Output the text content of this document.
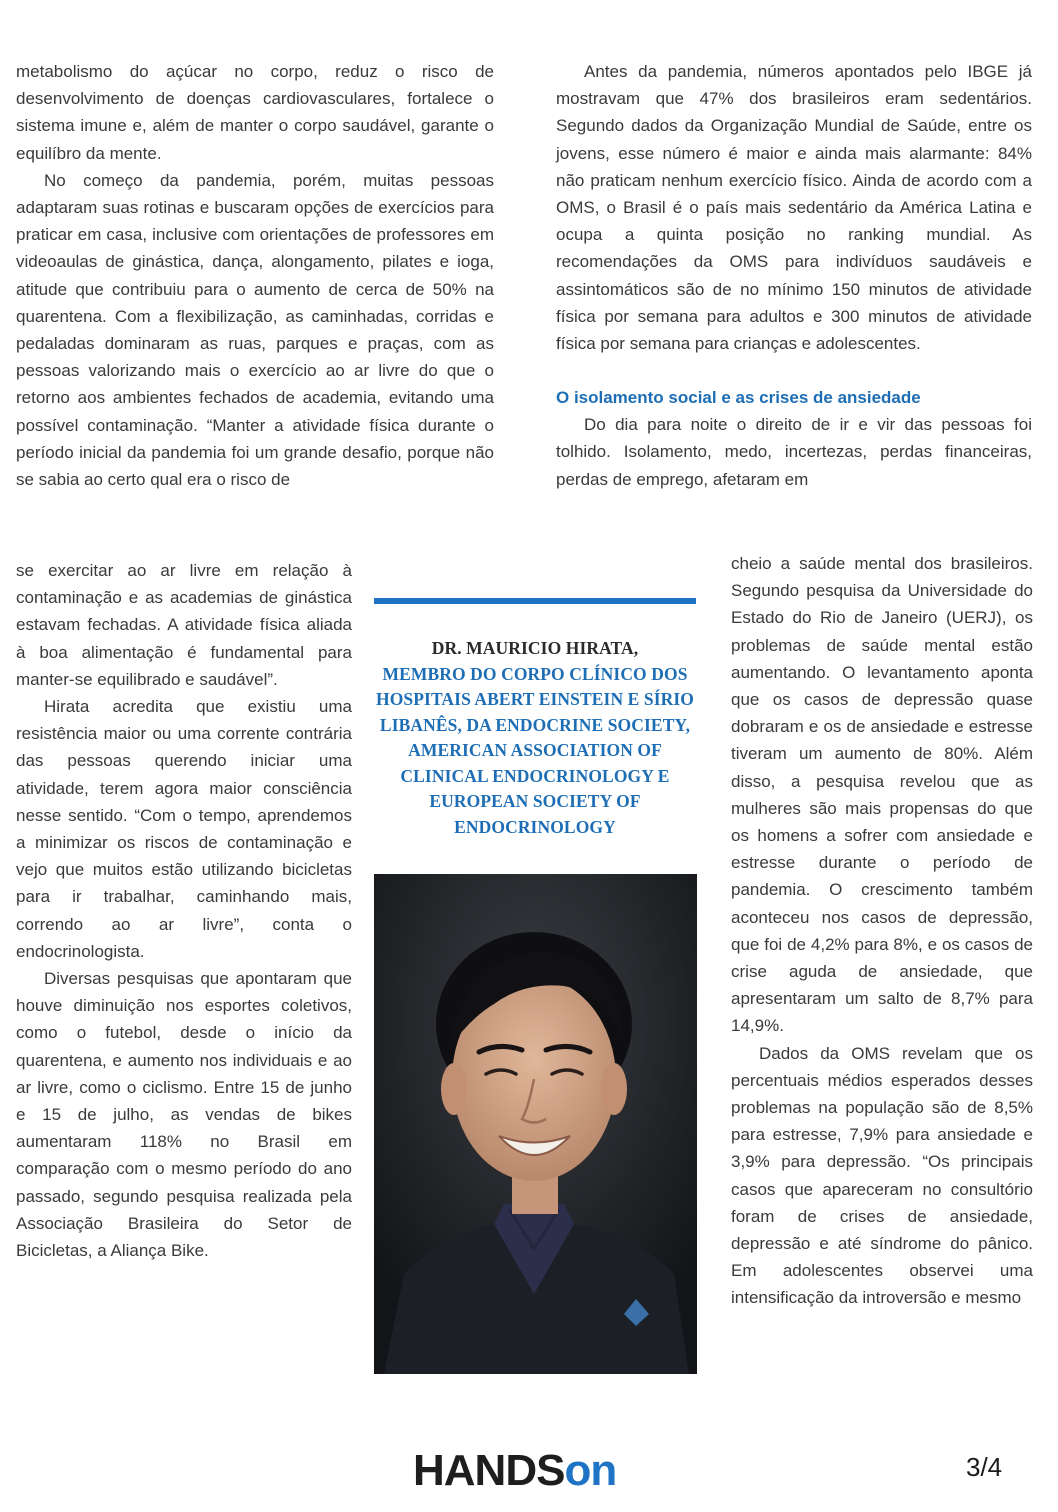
metabolismo do açúcar no corpo, reduz o risco de desenvolvimento de doenças cardiovasculares, fortalece o sistema imune e, além de manter o corpo saudável, garante o equilíbro da mente.

No começo da pandemia, porém, muitas pessoas adaptaram suas rotinas e buscaram opções de exercícios para praticar em casa, inclusive com orientações de professores em videoaulas de ginástica, dança, alongamento, pilates e ioga, atitude que contribuiu para o aumento de cerca de 50% na quarentena. Com a flexibilização, as caminhadas, corridas e pedaladas dominaram as ruas, parques e praças, com as pessoas valorizando mais o exercício ao ar livre do que o retorno aos ambientes fechados de academia, evitando uma possível contaminação. “Manter a atividade física durante o período inicial da pandemia foi um grande desafio, porque não se sabia ao certo qual era o risco de

se exercitar ao ar livre em relação à contaminação e as academias de ginástica estavam fechadas. A atividade física aliada à boa alimentação é fundamental para manter-se equilibrado e saudável”.

Hirata acredita que existiu uma resistência maior ou uma corrente contrária das pessoas querendo iniciar uma atividade, terem agora maior consciência nesse sentido. “Com o tempo, aprendemos a minimizar os riscos de contaminação e vejo que muitos estão utilizando bicicletas para ir trabalhar, caminhando mais, correndo ao ar livre”, conta o endocrinologista.

Diversas pesquisas que apontaram que houve diminuição nos esportes coletivos, como o futebol, desde o início da quarentena, e aumento nos individuais e ao ar livre, como o ciclismo. Entre 15 de junho e 15 de julho, as vendas de bikes aumentaram 118% no Brasil em comparação com o mesmo período do ano passado, segundo pesquisa realizada pela Associação Brasileira do Setor de Bicicletas, a Aliança Bike.

Antes da pandemia, números apontados pelo IBGE já mostravam que 47% dos brasileiros eram sedentários. Segundo dados da Organização Mundial de Saúde, entre os jovens, esse número é maior e ainda mais alarmante: 84% não praticam nenhum exercício físico. Ainda de acordo com a OMS, o Brasil é o país mais sedentário da América Latina e ocupa a quinta posição no ranking mundial. As recomendações da OMS para indivíduos saudáveis e assintomáticos são de no mínimo 150 minutos de atividade física por semana para adultos e 300 minutos de atividade física por semana para crianças e adolescentes.

O isolamento social e as crises de ansiedade

Do dia para noite o direito de ir e vir das pessoas foi tolhido. Isolamento, medo, incertezas, perdas financeiras, perdas de emprego, afetaram em

cheio a saúde mental dos brasileiros. Segundo pesquisa da Universidade do Estado do Rio de Janeiro (UERJ), os problemas de saúde mental estão aumentando. O levantamento aponta que os casos de depressão quase dobraram e os de ansiedade e estresse tiveram um aumento de 80%. Além disso, a pesquisa revelou que as mulheres são mais propensas do que os homens a sofrer com ansiedade e estresse durante o período de pandemia. O crescimento também aconteceu nos casos de depressão, que foi de 4,2% para 8%, e os casos de crise aguda de ansiedade, que apresentaram um salto de 8,7% para 14,9%.

Dados da OMS revelam que os percentuais médios esperados desses problemas na população são de 8,5% para estresse, 7,9% para ansiedade e 3,9% para depressão. “Os principais casos que apareceram no consultório foram de crises de ansiedade, depressão e até síndrome do pânico. Em adolescentes observei uma intensificação da introversão e mesmo

DR. MAURICIO HIRATA,
MEMBRO DO CORPO CLÍNICO DOS HOSPITAIS ABERT EINSTEIN E SÍRIO LIBANÊS, DA ENDOCRINE SOCIETY, AMERICAN ASSOCIATION OF CLINICAL ENDOCRINOLOGY E EUROPEAN SOCIETY OF ENDOCRINOLOGY
HANDSon	3/4
